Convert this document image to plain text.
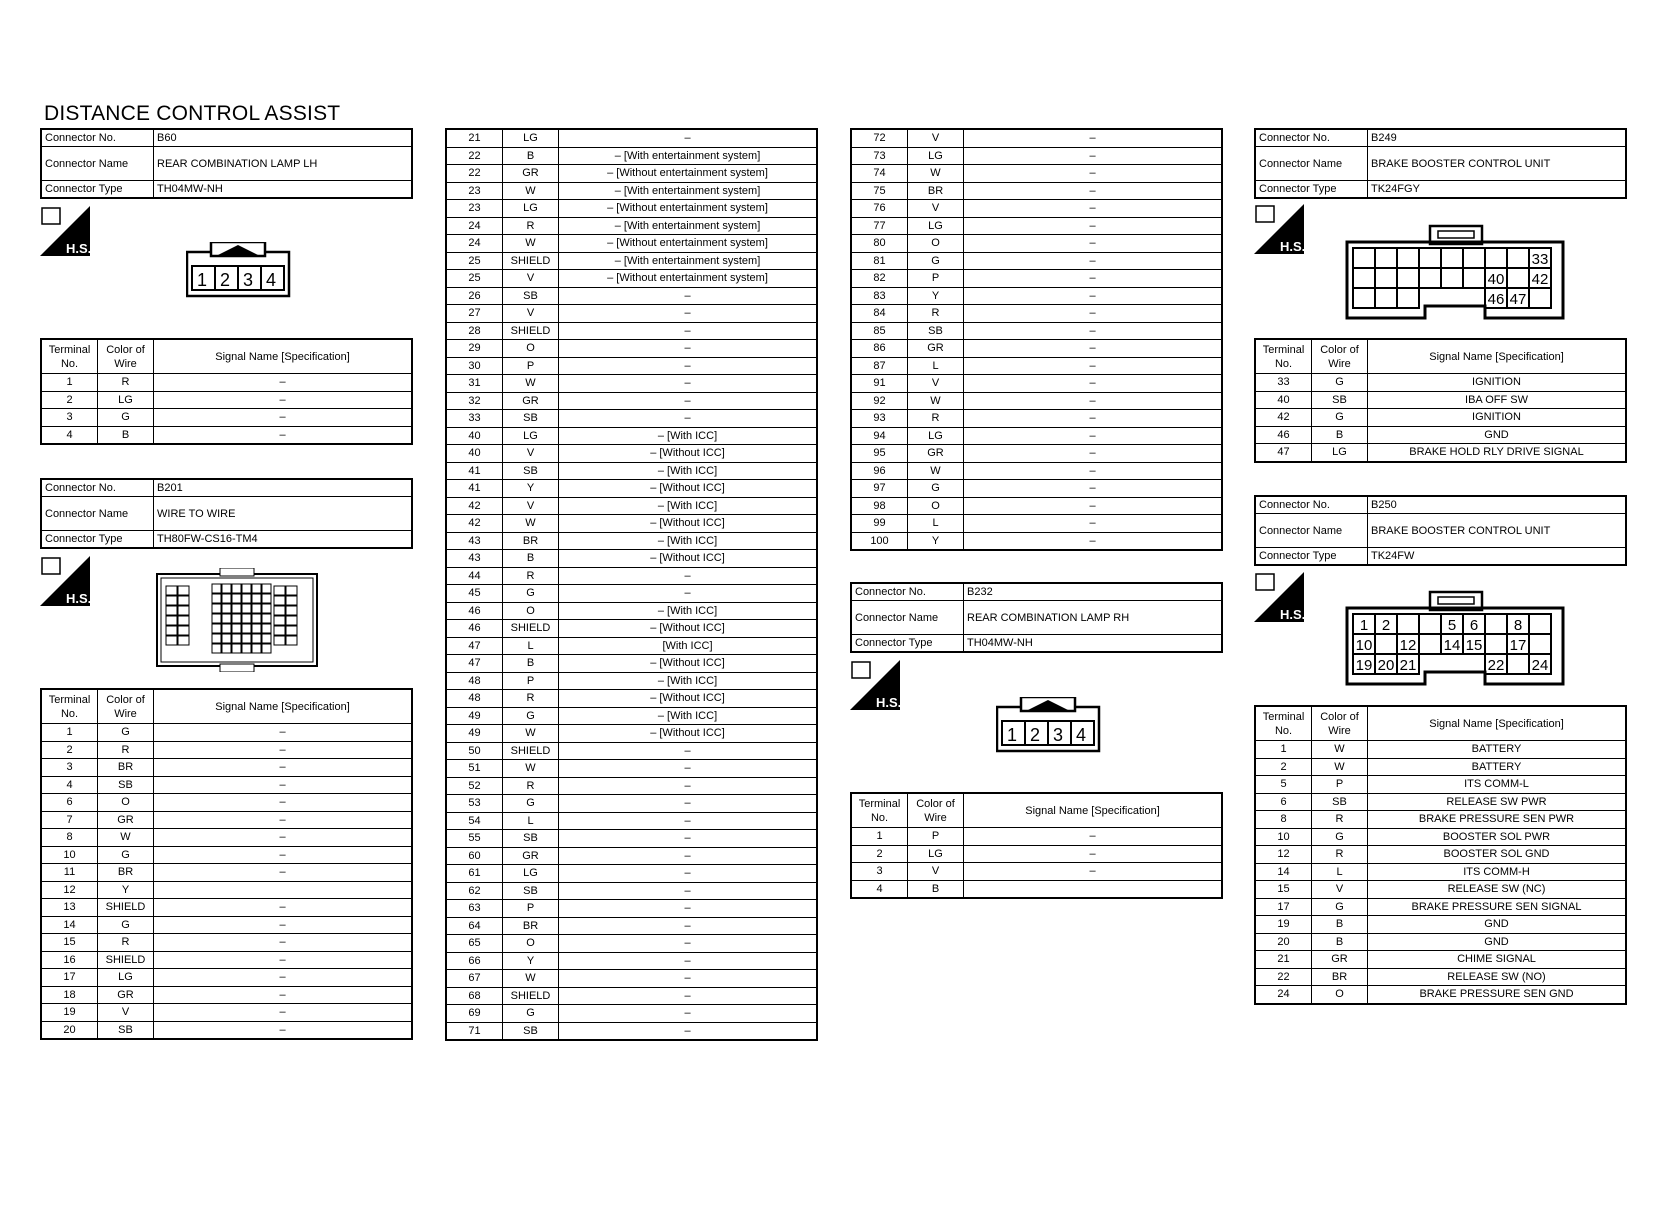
DISTANCE CONTROL ASSIST
Connector No.	B60
Connector Name	REAR COMBINATION LAMP LH
Connector Type	TH04MW-NH
H.S.
1 2 3 4
Terminal No.	Color of Wire	Signal Name [Specification]
1	R	–
2	LG	–
3	G	–
4	B	–
Connector No.	B201
Connector Name	WIRE TO WIRE
Connector Type	TH80FW-CS16-TM4
H.S.
Terminal No.	Color of Wire	Signal Name [Specification]
1	G	–
2	R	–
3	BR	–
4	SB	–
6	O	–
7	GR	–
8	W	–
10	G	–
11	BR	–
12	Y	
13	SHIELD	–
14	G	–
15	R	–
16	SHIELD	–
17	LG	–
18	GR	–
19	V	–
20	SB	–
21	LG	–
22	B	– [With entertainment system]
22	GR	– [Without entertainment system]
23	W	– [With entertainment system]
23	LG	– [Without entertainment system]
24	R	– [With entertainment system]
24	W	– [Without entertainment system]
25	SHIELD	– [With entertainment system]
25	V	– [Without entertainment system]
26	SB	–
27	V	–
28	SHIELD	–
29	O	–
30	P	–
31	W	–
32	GR	–
33	SB	–
40	LG	– [With ICC]
40	V	– [Without ICC]
41	SB	– [With ICC]
41	Y	– [Without ICC]
42	V	– [With ICC]
42	W	– [Without ICC]
43	BR	– [With ICC]
43	B	– [Without ICC]
44	R	–
45	G	–
46	O	– [With ICC]
46	SHIELD	– [Without ICC]
47	L	[With ICC]
47	B	– [Without ICC]
48	P	– [With ICC]
48	R	– [Without ICC]
49	G	– [With ICC]
49	W	– [Without ICC]
50	SHIELD	–
51	W	–
52	R	–
53	G	–
54	L	–
55	SB	–
60	GR	–
61	LG	–
62	SB	–
63	P	–
64	BR	–
65	O	–
66	Y	–
67	W	–
68	SHIELD	–
69	G	–
71	SB	–
72	V	–
73	LG	–
74	W	–
75	BR	–
76	V	–
77	LG	–
80	O	–
81	G	–
82	P	–
83	Y	–
84	R	–
85	SB	–
86	GR	–
87	L	–
91	V	–
92	W	–
93	R	–
94	LG	–
95	GR	–
96	W	–
97	G	–
98	O	–
99	L	–
100	Y	–
Connector No.	B232
Connector Name	REAR COMBINATION LAMP RH
Connector Type	TH04MW-NH
H.S.
1 2 3 4
Terminal No.	Color of Wire	Signal Name [Specification]
1	P	–
2	LG	–
3	V	–
4	B	
Connector No.	B249
Connector Name	BRAKE BOOSTER CONTROL UNIT
Connector Type	TK24FGY
H.S.
33
40 42
46 47
Terminal No.	Color of Wire	Signal Name [Specification]
33	G	IGNITION
40	SB	IBA OFF SW
42	G	IGNITION
46	B	GND
47	LG	BRAKE HOLD RLY DRIVE SIGNAL
Connector No.	B250
Connector Name	BRAKE BOOSTER CONTROL UNIT
Connector Type	TK24FW
H.S.
1 2	5 6 8
10 12 14 15 17
19 20 21	22 24
Terminal No.	Color of Wire	Signal Name [Specification]
1	W	BATTERY
2	W	BATTERY
5	P	ITS COMM-L
6	SB	RELEASE SW PWR
8	R	BRAKE PRESSURE SEN PWR
10	G	BOOSTER SOL PWR
12	R	BOOSTER SOL GND
14	L	ITS COMM-H
15	V	RELEASE SW (NC)
17	G	BRAKE PRESSURE SEN SIGNAL
19	B	GND
20	B	GND
21	GR	CHIME SIGNAL
22	BR	RELEASE SW (NO)
24	O	BRAKE PRESSURE SEN GND
